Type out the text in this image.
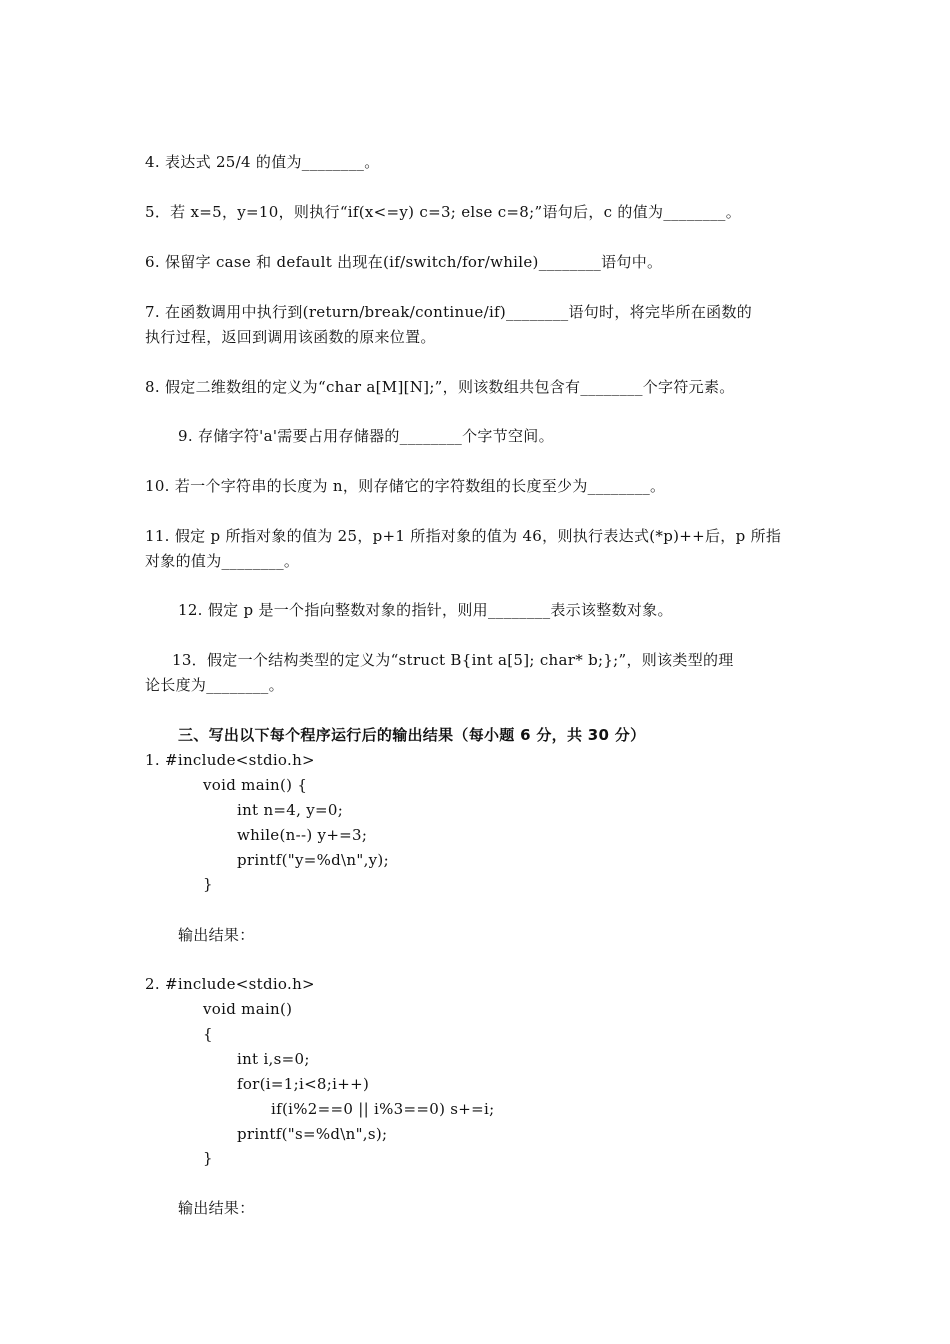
4. 表达式 25/4 的值为________。
5．若 x=5，y=10，则执行“if(x<=y) c=3; else c=8;”语句后，c 的值为________。
6. 保留字 case 和 default 出现在(if/switch/for/while)________语句中。
7. 在函数调用中执行到(return/break/continue/if)________语句时，将完毕所在函数的
执行过程，返回到调用该函数的原来位置。
8. 假定二维数组的定义为“char a[M][N];”，则该数组共包含有________个字符元素。
9. 存储字符'a'需要占用存储器的________个字节空间。
10. 若一个字符串的长度为 n，则存储它的字符数组的长度至少为________。
11. 假定 p 所指对象的值为 25，p+1 所指对象的值为 46，则执行表达式(*p)++后，p 所指
对象的值为________。
12. 假定 p 是一个指向整数对象的指针，则用________表示该整数对象。
13．假定一个结构类型的定义为“struct B{int a[5]; char* b;};”，则该类型的理
论长度为________。
三、写出以下每个程序运行后的输出结果（每小题 6 分，共 30 分）
1. #include<stdio.h>
void main() {
int n=4, y=0;
while(n--) y+=3;
printf("y=%d\n",y);
}
输出结果：
2. #include<stdio.h>
void main()
{
int i,s=0;
for(i=1;i<8;i++)
if(i%2==0 || i%3==0) s+=i;
printf("s=%d\n",s);
}
输出结果：
